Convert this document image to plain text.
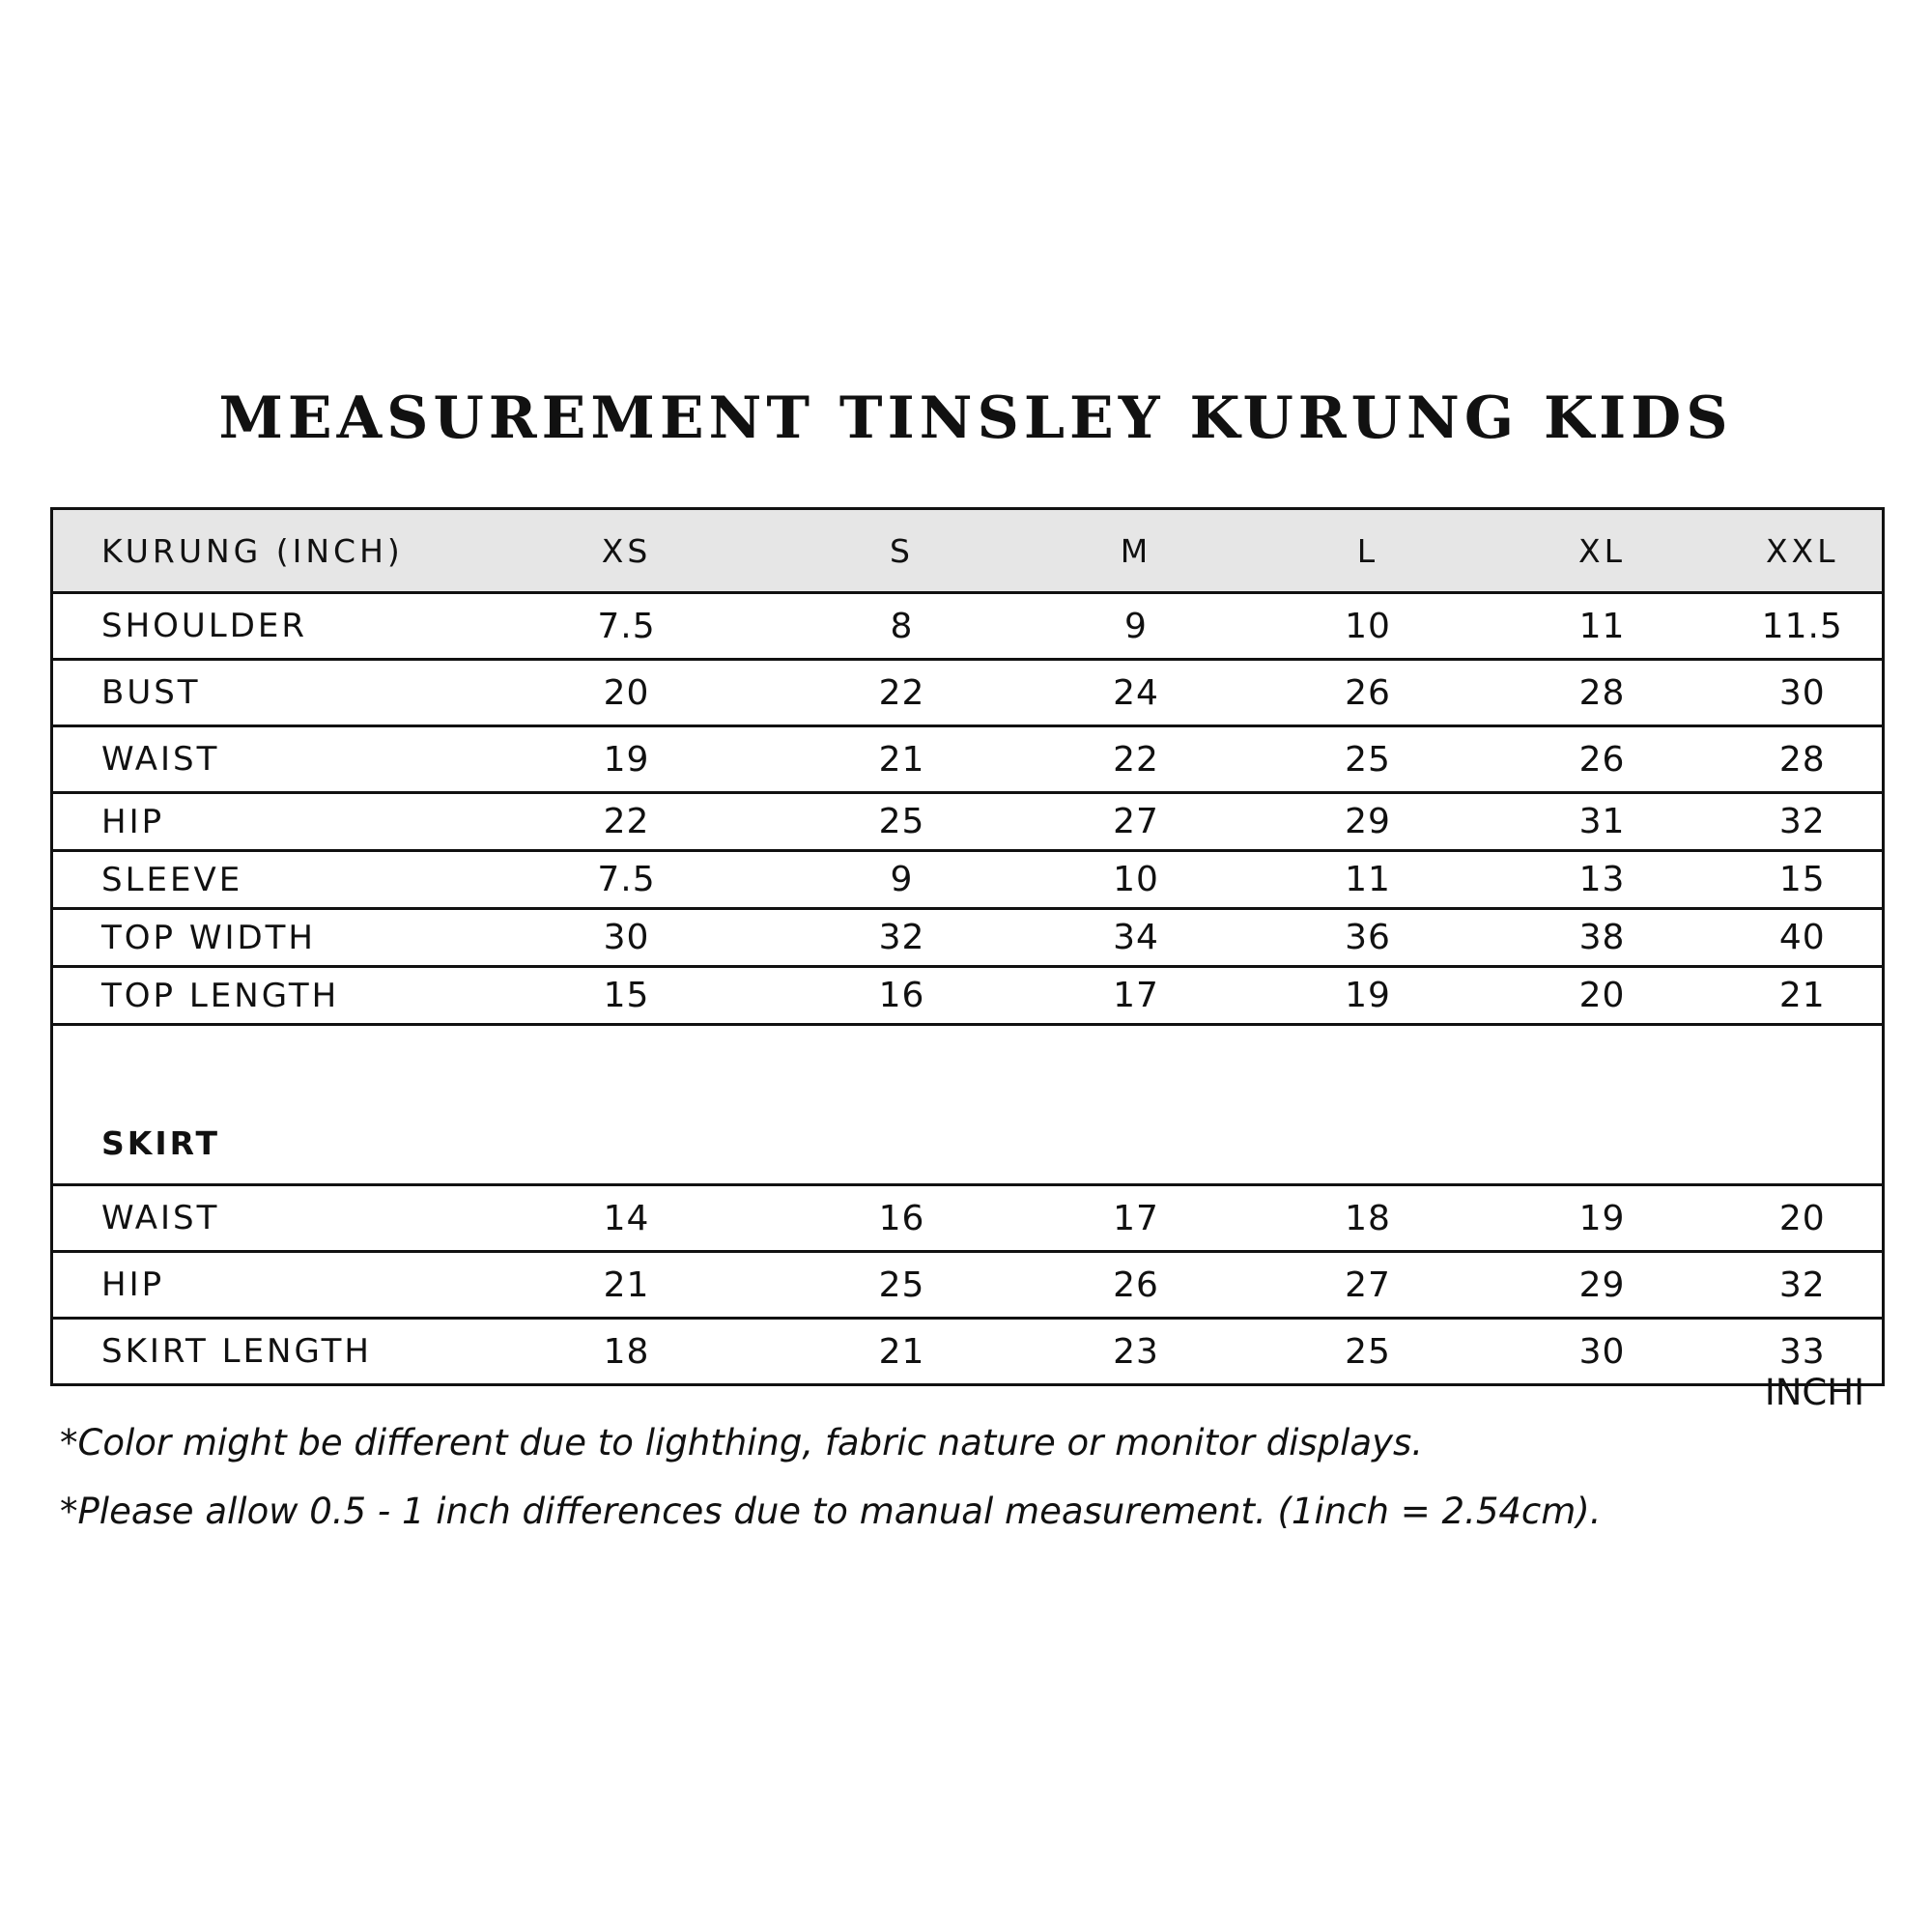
MEASUREMENT TINSLEY KURUNG KIDS
KURUNG (INCH)	XS	S	M	L	XL	XXL
SHOULDER	7.5	8	9	10	11	11.5
BUST	20	22	24	26	28	30
WAIST	19	21	22	25	26	28
HIP	22	25	27	29	31	32
SLEEVE	7.5	9	10	11	13	15
TOP WIDTH	30	32	34	36	38	40
TOP LENGTH	15	16	17	19	20	21
SKIRT						
WAIST	14	16	17	18	19	20
HIP	21	25	26	27	29	32
SKIRT LENGTH	18	21	23	25	30	33
INCHI
*Color might be different due to lighthing, fabric nature or monitor displays.
*Please allow 0.5 - 1 inch differences due to manual measurement. (1inch = 2.54cm).
